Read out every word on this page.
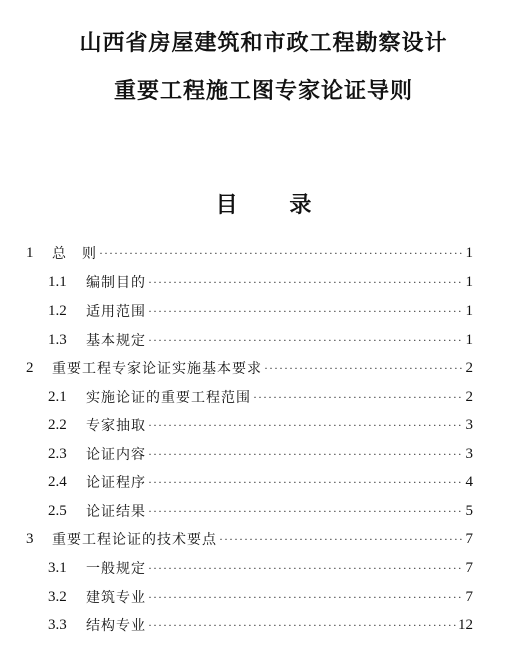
山西省房屋建筑和市政工程勘察设计
重要工程施工图专家论证导则
目 录
1	总　则 ·····	1
1.1	编制目的 ·····	1
1.2	适用范围 ·····	1
1.3	基本规定 ·····	1
2	重要工程专家论证实施基本要求 ·····	2
2.1	实施论证的重要工程范围 ·····	2
2.2	专家抽取 ·····	3
2.3	论证内容 ·····	3
2.4	论证程序 ·····	4
2.5	论证结果 ·····	5
3	重要工程论证的技术要点 ·····	7
3.1	一般规定 ·····	7
3.2	建筑专业 ·····	7
3.3	结构专业 ·····	12
